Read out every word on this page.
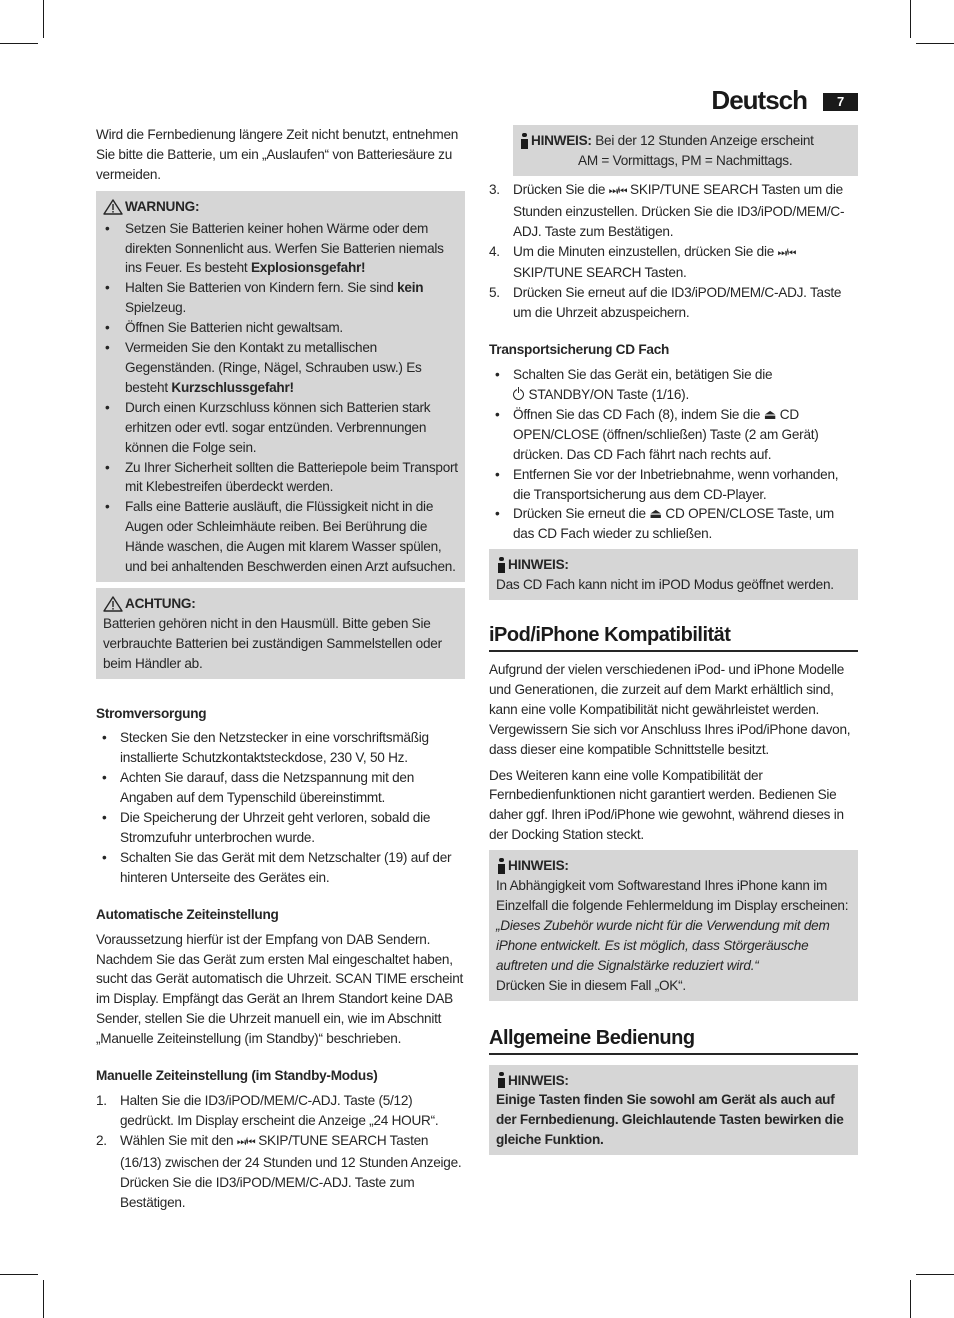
Deutsch	7

Wird die Fernbedienung längere Zeit nicht benutzt, entnehmen Sie bitte die Batterie, um ein „Auslaufen“ von Batteriesäure zu vermeiden.

WARNUNG:
• Setzen Sie Batterien keiner hohen Wärme oder dem direkten Sonnenlicht aus. Werfen Sie Batterien niemals ins Feuer. Es besteht Explosionsgefahr!
• Halten Sie Batterien von Kindern fern. Sie sind kein Spielzeug.
• Öffnen Sie Batterien nicht gewaltsam.
• Vermeiden Sie den Kontakt zu metallischen Gegenständen. (Ringe, Nägel, Schrauben usw.) Es besteht Kurzschlussgefahr!
• Durch einen Kurzschluss können sich Batterien stark erhitzen oder evtl. sogar entzünden. Verbrennungen können die Folge sein.
• Zu Ihrer Sicherheit sollten die Batteriepole beim Transport mit Klebestreifen überdeckt werden.
• Falls eine Batterie ausläuft, die Flüssigkeit nicht in die Augen oder Schleimhäute reiben. Bei Berührung die Hände waschen, die Augen mit klarem Wasser spülen, und bei anhaltenden Beschwerden einen Arzt aufsuchen.
ACHTUNG:

Batterien gehören nicht in den Hausmüll. Bitte geben Sie verbrauchte Batterien bei zuständigen Sammelstellen oder beim Händler ab.

Stromversorgung
• Stecken Sie den Netzstecker in eine vorschriftsmäßig installierte Schutzkontaktsteckdose, 230 V, 50 Hz.
• Achten Sie darauf, dass die Netzspannung mit den Angaben auf dem Typenschild übereinstimmt.
• Die Speicherung der Uhrzeit geht verloren, sobald die Stromzufuhr unterbrochen wurde.
• Schalten Sie das Gerät mit dem Netzschalter (19) auf der hinteren Unterseite des Gerätes ein.
Automatische Zeiteinstellung

Voraussetzung hierfür ist der Empfang von DAB Sendern. Nachdem Sie das Gerät zum ersten Mal eingeschaltet haben, sucht das Gerät automatisch die Uhrzeit. SCAN TIME erscheint im Display. Empfängt das Gerät an Ihrem Standort keine DAB Sender, stellen Sie die Uhrzeit manuell ein, wie im Abschnitt „Manuelle Zeiteinstellung (im Standby)“ beschrieben.

Manuelle Zeiteinstellung (im Standby-Modus)
1. Halten Sie die ID3/iPOD/MEM/C-ADJ. Taste (5/12) gedrückt. Im Display erscheint die Anzeige „24 HOUR“.
2. Wählen Sie mit den ⏭/⏮ SKIP/TUNE SEARCH Tasten (16/13) zwischen der 24 Stunden und 12 Stunden Anzeige. Drücken Sie die ID3/iPOD/MEM/C-ADJ. Taste zum Bestätigen.
HINWEIS: Bei der 12 Stunden Anzeige erscheint
AM = Vormittags, PM = Nachmittags.
3. Drücken Sie die ⏭/⏮ SKIP/TUNE SEARCH Tasten um die Stunden einzustellen. Drücken Sie die ID3/iPOD/MEM/C-ADJ. Taste zum Bestätigen.
4. Um die Minuten einzustellen, drücken Sie die ⏭/⏮ SKIP/TUNE SEARCH Tasten.
5. Drücken Sie erneut auf die ID3/iPOD/MEM/C-ADJ. Taste um die Uhrzeit abzuspeichern.
Transportsicherung CD Fach
• Schalten Sie das Gerät ein, betätigen Sie die
STANDBY/ON Taste (1/16).
• Öffnen Sie das CD Fach (8), indem Sie die ⏏ CD OPEN/CLOSE (öffnen/schließen) Taste (2 am Gerät) drücken. Das CD Fach fährt nach rechts auf.
• Entfernen Sie vor der Inbetriebnahme, wenn vorhanden, die Transportsicherung aus dem CD-Player.
• Drücken Sie erneut die ⏏ CD OPEN/CLOSE Taste, um das CD Fach wieder zu schließen.
HINWEIS:

Das CD Fach kann nicht im iPOD Modus geöffnet werden.

iPod/iPhone Kompatibilität

Aufgrund der vielen verschiedenen iPod- und iPhone Modelle und Generationen, die zurzeit auf dem Markt erhältlich sind, kann eine volle Kompatibilität nicht gewährleistet werden. Vergewissern Sie sich vor Anschluss Ihres iPod/iPhone davon, dass dieser eine kompatible Schnittstelle besitzt.

Des Weiteren kann eine volle Kompatibilität der Fernbedienfunktionen nicht garantiert werden. Bedienen Sie daher ggf. Ihren iPod/iPhone wie gewohnt, während dieses in der Docking Station steckt.

HINWEIS:

In Abhängigkeit vom Softwarestand Ihres iPhone kann im Einzelfall die folgende Fehlermeldung im Display erscheinen:

„Dieses Zubehör wurde nicht für die Verwendung mit dem iPhone entwickelt. Es ist möglich, dass Störgeräusche auftreten und die Signalstärke reduziert wird.“

Drücken Sie in diesem Fall „OK“.

Allgemeine Bedienung
HINWEIS:

Einige Tasten finden Sie sowohl am Gerät als auch auf der Fernbedienung. Gleichlautende Tasten bewirken die gleiche Funktion.
